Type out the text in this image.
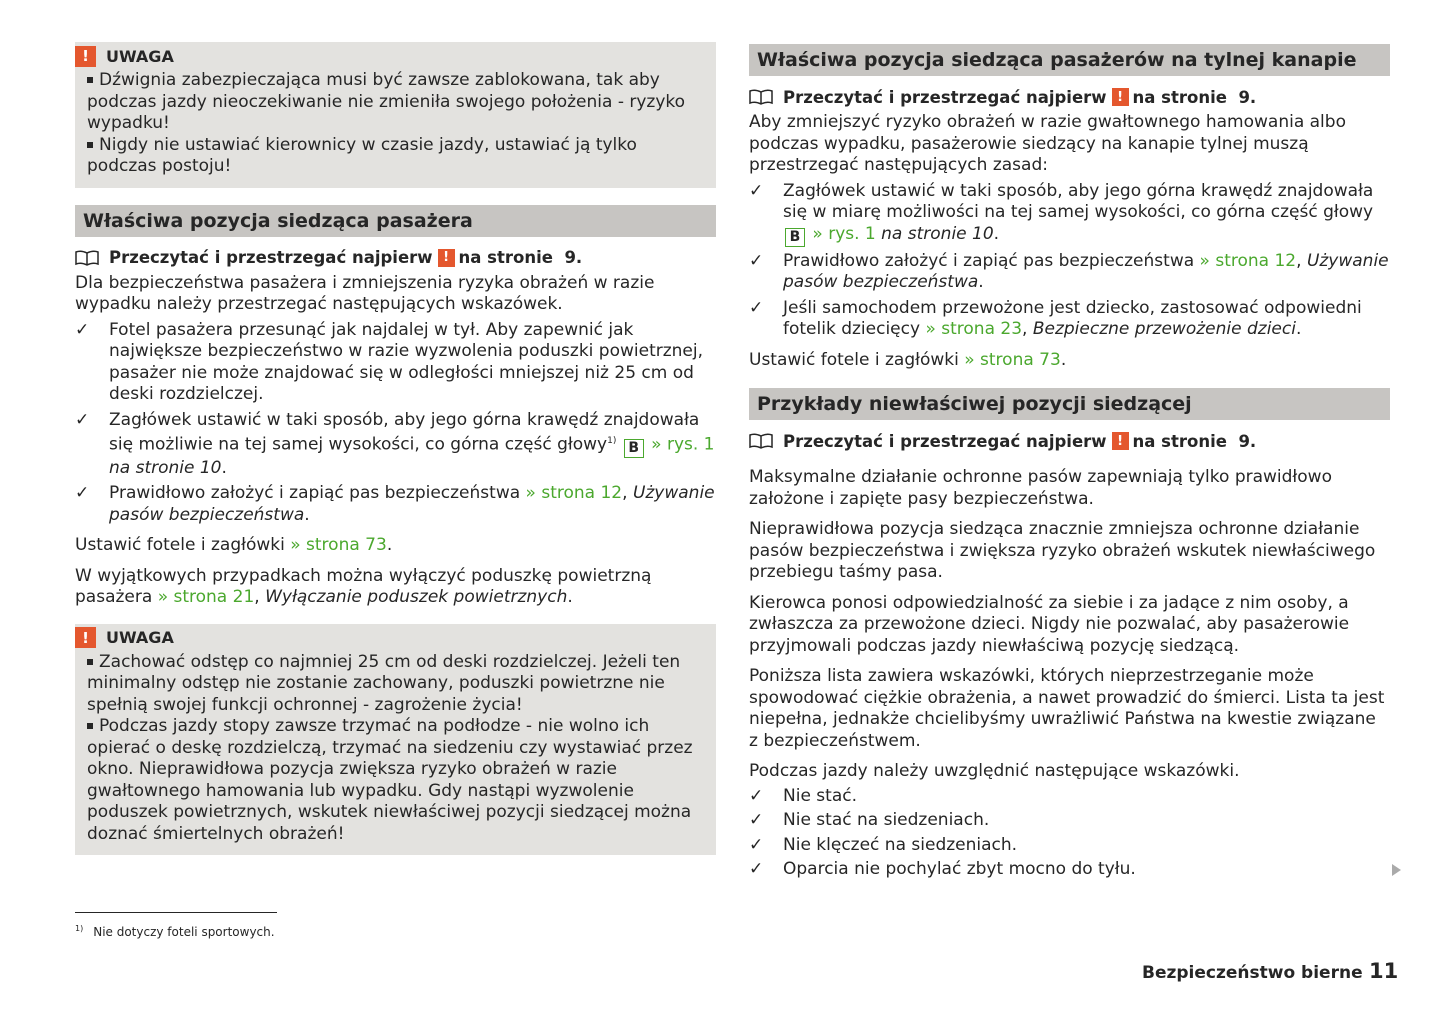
!	UWAGA

Dźwignia zabezpieczająca musi być zawsze zablokowana, tak aby podczas jazdy nieoczekiwanie nie zmieniła swojego położenia - ryzyko wypadku!

Nigdy nie ustawiać kierownicy w czasie jazdy, ustawiać ją tylko podczas postoju!

Właściwa pozycja siedząca pasażera
Przeczytać i przestrzegać najpierw ! na stronie
9.

Dla bezpieczeństwa pasażera i zmniejszenia ryzyka obrażeń w razie wypadku należy przestrzegać następujących wskazówek.

✓	Fotel pasażera przesunąć jak najdalej w tył. Aby zapewnić jak największe bezpieczeństwo w razie wyzwolenia poduszki powietrznej, pasażer nie może znajdować się w odległości mniejszej niż 25 cm od deski rozdzielczej.
✓	Zagłówek ustawić w taki sposób, aby jego górna krawędź znajdowała się możliwie na tej samej wysokości, co górna część głowy$^{1)}$ B » rys. 1 na stronie 10.
✓	Prawidłowo założyć i zapiąć pas bezpieczeństwa » strona 12, Używanie pasów bezpieczeństwa.

Ustawić fotele i zagłówki » strona 73.

W wyjątkowych przypadkach można wyłączyć poduszkę powietrzną pasażera » strona 21, Wyłączanie poduszek powietrznych.

!	UWAGA

Zachować odstęp co najmniej 25 cm od deski rozdzielczej. Jeżeli ten minimalny odstęp nie zostanie zachowany, poduszki powietrzne nie spełnią swojej funkcji ochronnej - zagrożenie życia!

Podczas jazdy stopy zawsze trzymać na podłodze - nie wolno ich opierać o deskę rozdzielczą, trzymać na siedzeniu czy wystawiać przez okno. Nieprawidłowa pozycja zwiększa ryzyko obrażeń w razie gwałtownego hamowania lub wypadku. Gdy nastąpi wyzwolenie poduszek powietrznych, wskutek niewłaściwej pozycji siedzącej można doznać śmiertelnych obrażeń!

Właściwa pozycja siedząca pasażerów na tylnej kanapie
Przeczytać i przestrzegać najpierw ! na stronie
9.

Aby zmniejszyć ryzyko obrażeń w razie gwałtownego hamowania albo podczas wypadku, pasażerowie siedzący na kanapie tylnej muszą przestrzegać następujących zasad:

✓	Zagłówek ustawić w taki sposób, aby jego górna krawędź znajdowała się w miarę możliwości na tej samej wysokości, co górna część głowy B » rys. 1 na stronie 10.
✓	Prawidłowo założyć i zapiąć pas bezpieczeństwa » strona 12, Używanie pasów bezpieczeństwa.
✓	Jeśli samochodem przewożone jest dziecko, zastosować odpowiedni fotelik dziecięcy » strona 23, Bezpieczne przewożenie dzieci.

Ustawić fotele i zagłówki » strona 73.

Przykłady niewłaściwej pozycji siedzącej
Przeczytać i przestrzegać najpierw ! na stronie
9.

Maksymalne działanie ochronne pasów zapewniają tylko prawidłowo założone i zapięte pasy bezpieczeństwa.

Nieprawidłowa pozycja siedząca znacznie zmniejsza ochronne działanie pasów bezpieczeństwa i zwiększa ryzyko obrażeń wskutek niewłaściwego przebiegu taśmy pasa.

Kierowca ponosi odpowiedzialność za siebie i za jadące z nim osoby, a zwłaszcza za przewożone dzieci. Nigdy nie pozwalać, aby pasażerowie przyjmowali podczas jazdy niewłaściwą pozycję siedzącą.

Poniższa lista zawiera wskazówki, których nieprzestrzeganie może spowodować ciężkie obrażenia, a nawet prowadzić do śmierci. Lista ta jest niepełna, jednakże chcielibyśmy uwrażliwić Państwa na kwestie związane z bezpieczeństwem.

Podczas jazdy należy uwzględnić następujące wskazówki.

✓	Nie stać.
✓	Nie stać na siedzeniach.
✓	Nie klęczeć na siedzeniach.
✓	Oparcia nie pochylać zbyt mocno do tyłu.
$^{1)}$ Nie dotyczy foteli sportowych.
Bezpieczeństwo bierne 11
